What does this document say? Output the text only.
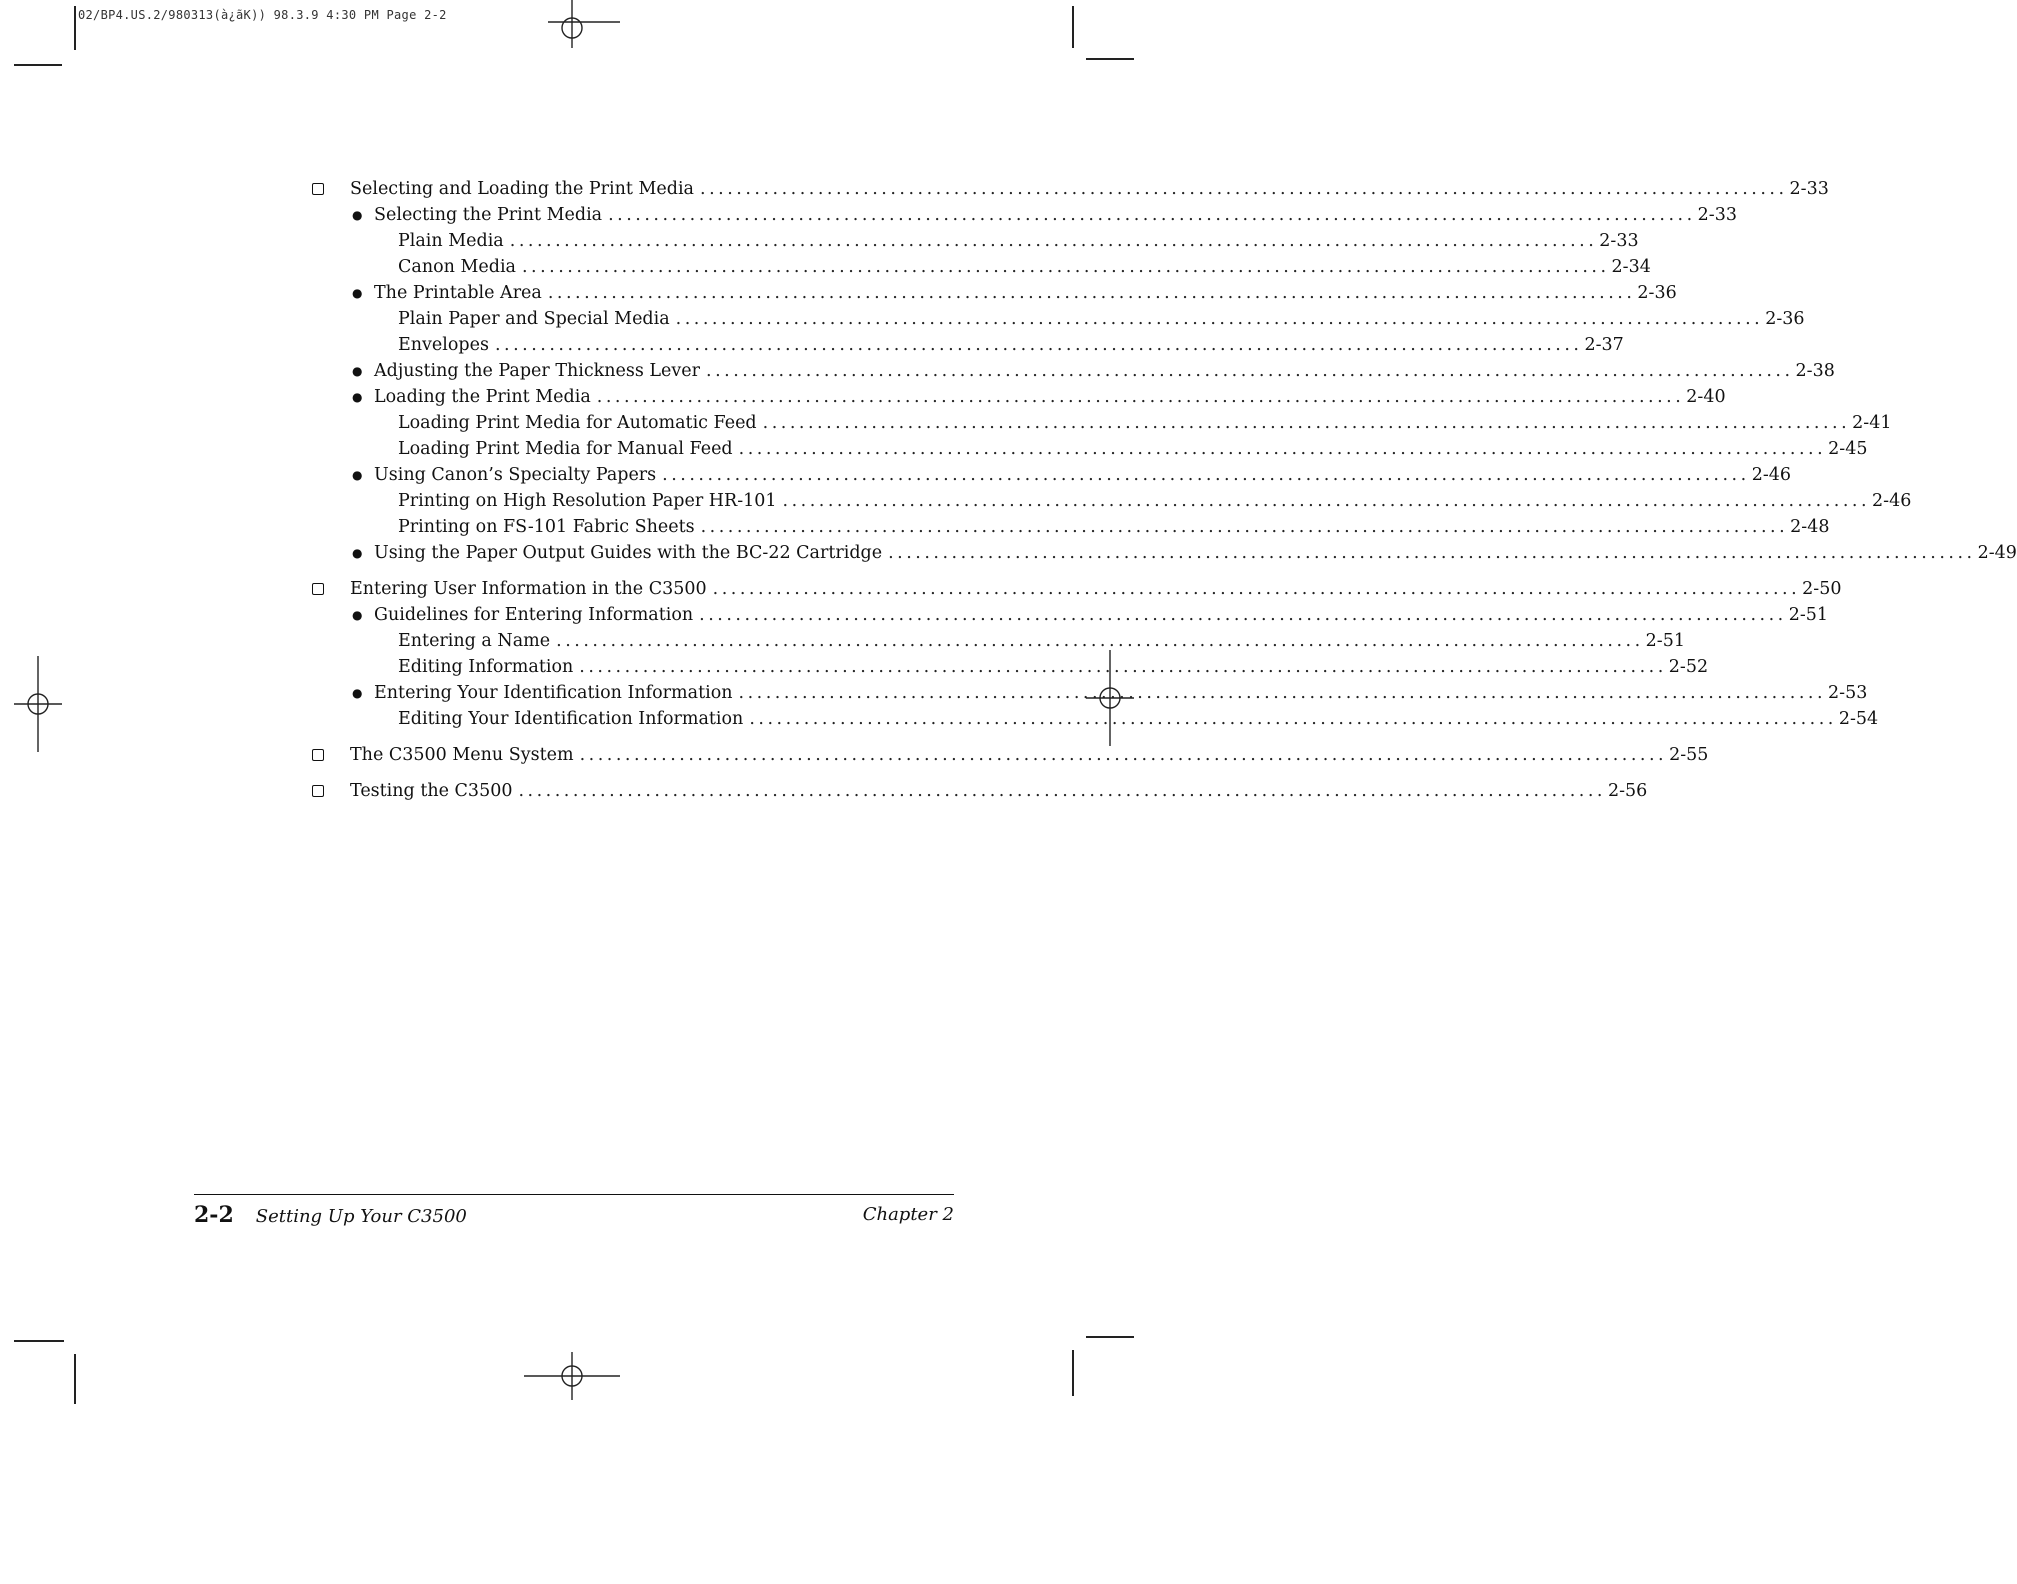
02/BP4.US.2/980313(à¿ãK)) 98.3.9 4:30 PM Page 2-2
Selecting and Loading the Print Media ........................................................................................................................ 2-33
● Selecting the Print Media ........................................................................................................................ 2-33
Plain Media ........................................................................................................................ 2-33
Canon Media ........................................................................................................................ 2-34
● The Printable Area ........................................................................................................................ 2-36
Plain Paper and Special Media ........................................................................................................................ 2-36
Envelopes ........................................................................................................................ 2-37
● Adjusting the Paper Thickness Lever ........................................................................................................................ 2-38
● Loading the Print Media ........................................................................................................................ 2-40
Loading Print Media for Automatic Feed ........................................................................................................................ 2-41
Loading Print Media for Manual Feed ........................................................................................................................ 2-45
● Using Canon’s Specialty Papers ........................................................................................................................ 2-46
Printing on High Resolution Paper HR-101 ........................................................................................................................ 2-46
Printing on FS-101 Fabric Sheets ........................................................................................................................ 2-48
● Using the Paper Output Guides with the BC-22 Cartridge ........................................................................................................................ 2-49
Entering User Information in the C3500 ........................................................................................................................ 2-50
● Guidelines for Entering Information ........................................................................................................................ 2-51
Entering a Name ........................................................................................................................ 2-51
Editing Information ........................................................................................................................ 2-52
● Entering Your Identification Information ........................................................................................................................ 2-53
Editing Your Identification Information ........................................................................................................................ 2-54
The C3500 Menu System ........................................................................................................................ 2-55
Testing the C3500 ........................................................................................................................ 2-56
2-2 Setting Up Your C3500	Chapter 2
